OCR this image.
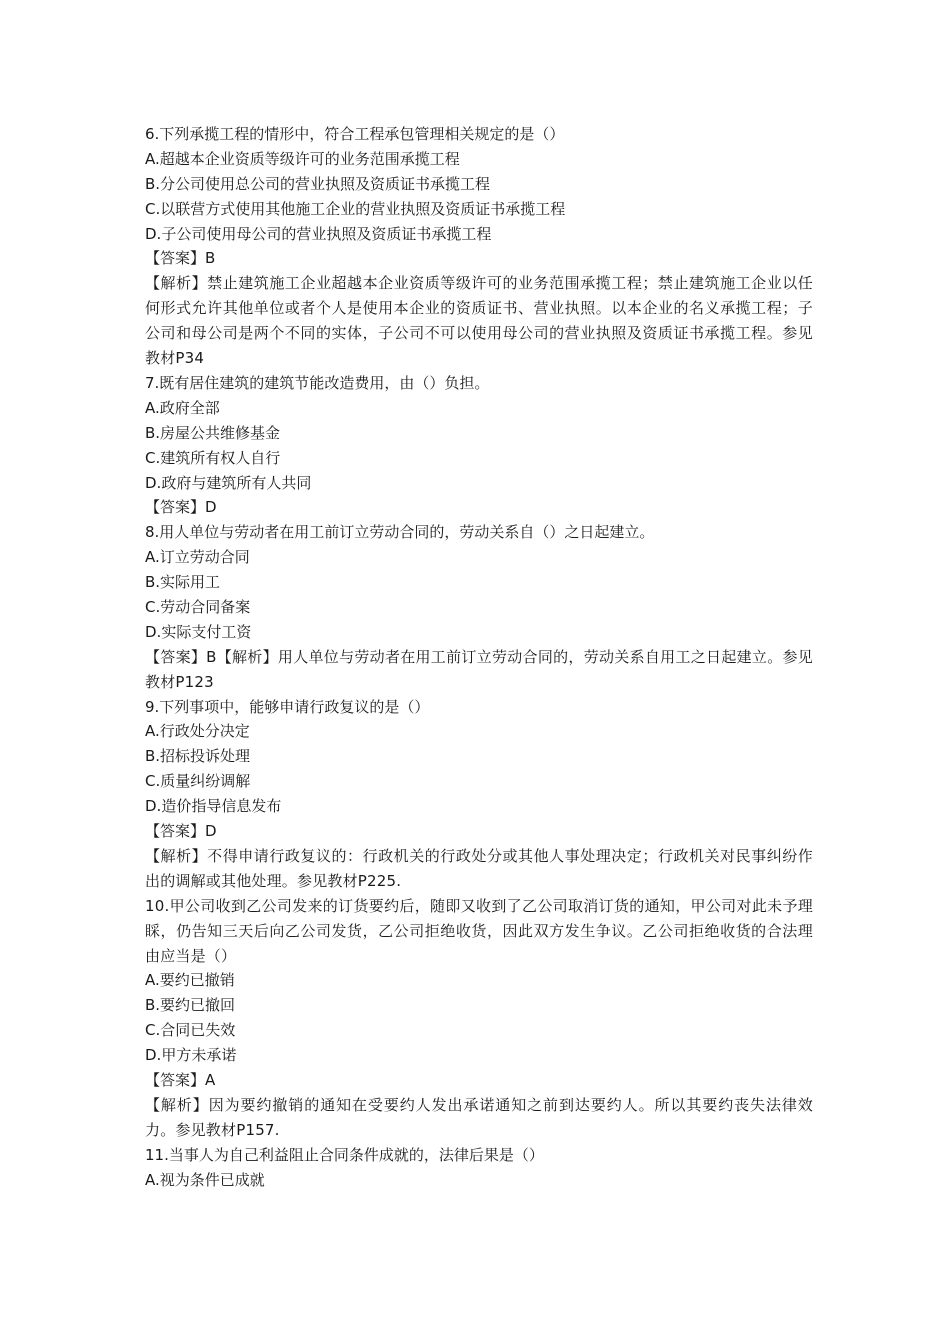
6.下列承揽工程的情形中，符合工程承包管理相关规定的是（）
A.超越本企业资质等级许可的业务范围承揽工程
B.分公司使用总公司的营业执照及资质证书承揽工程
C.以联营方式使用其他施工企业的营业执照及资质证书承揽工程
D.子公司使用母公司的营业执照及资质证书承揽工程
【答案】B
【解析】禁止建筑施工企业超越本企业资质等级许可的业务范围承揽工程；禁止建筑施工企业以任何形式允许其他单位或者个人是使用本企业的资质证书、营业执照。以本企业的名义承揽工程；子公司和母公司是两个不同的实体，子公司不可以使用母公司的营业执照及资质证书承揽工程。参见教材P34
7.既有居住建筑的建筑节能改造费用，由（）负担。
A.政府全部
B.房屋公共维修基金
C.建筑所有权人自行
D.政府与建筑所有人共同
【答案】D
8.用人单位与劳动者在用工前订立劳动合同的，劳动关系自（）之日起建立。
A.订立劳动合同
B.实际用工
C.劳动合同备案
D.实际支付工资
【答案】B【解析】用人单位与劳动者在用工前订立劳动合同的，劳动关系自用工之日起建立。参见教材P123
9.下列事项中，能够申请行政复议的是（）
A.行政处分决定
B.招标投诉处理
C.质量纠纷调解
D.造价指导信息发布
【答案】D
【解析】不得申请行政复议的：行政机关的行政处分或其他人事处理决定；行政机关对民事纠纷作出的调解或其他处理。参见教材P225.
10.甲公司收到乙公司发来的订货要约后，随即又收到了乙公司取消订货的通知，甲公司对此未予理睬，仍告知三天后向乙公司发货，乙公司拒绝收货，因此双方发生争议。乙公司拒绝收货的合法理由应当是（）
A.要约已撤销
B.要约已撤回
C.合同已失效
D.甲方未承诺
【答案】A
【解析】因为要约撤销的通知在受要约人发出承诺通知之前到达要约人。所以其要约丧失法律效力。参见教材P157.
11.当事人为自己利益阻止合同条件成就的，法律后果是（）
A.视为条件已成就
